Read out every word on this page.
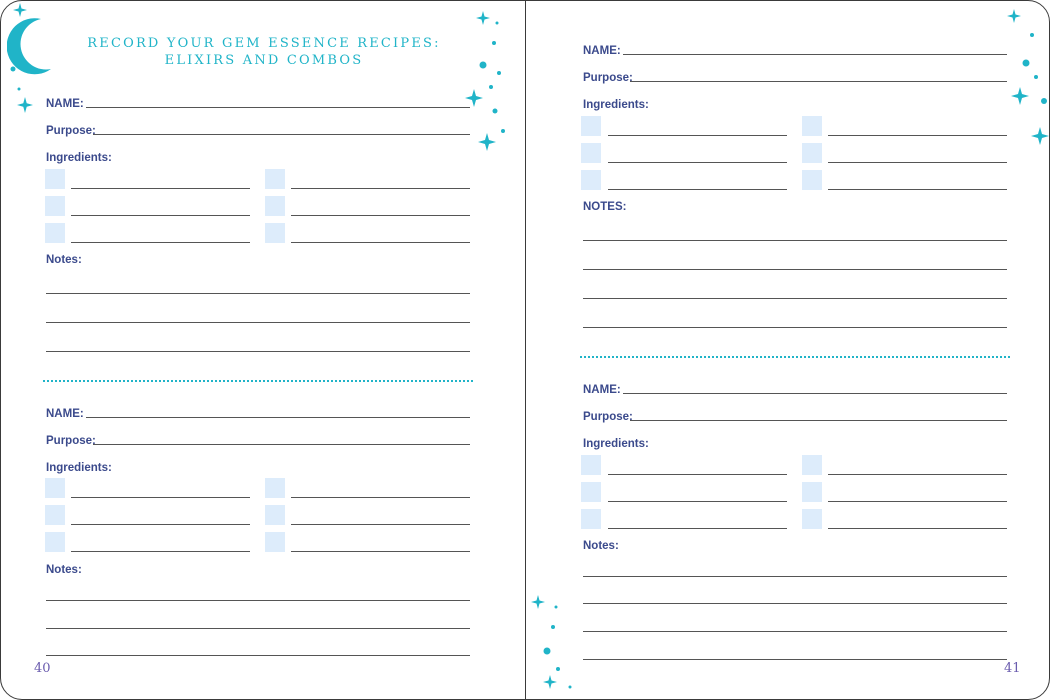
RECORD YOUR GEM ESSENCE RECIPES:
ELIXIRS AND COMBOS
NAME:
Purpose:
Ingredients:
Notes:
NAME:
Purpose:
Ingredients:
Notes:
40
NAME:
Purpose:
Ingredients:
NOTES:
NAME:
Purpose:
Ingredients:
Notes:
41
